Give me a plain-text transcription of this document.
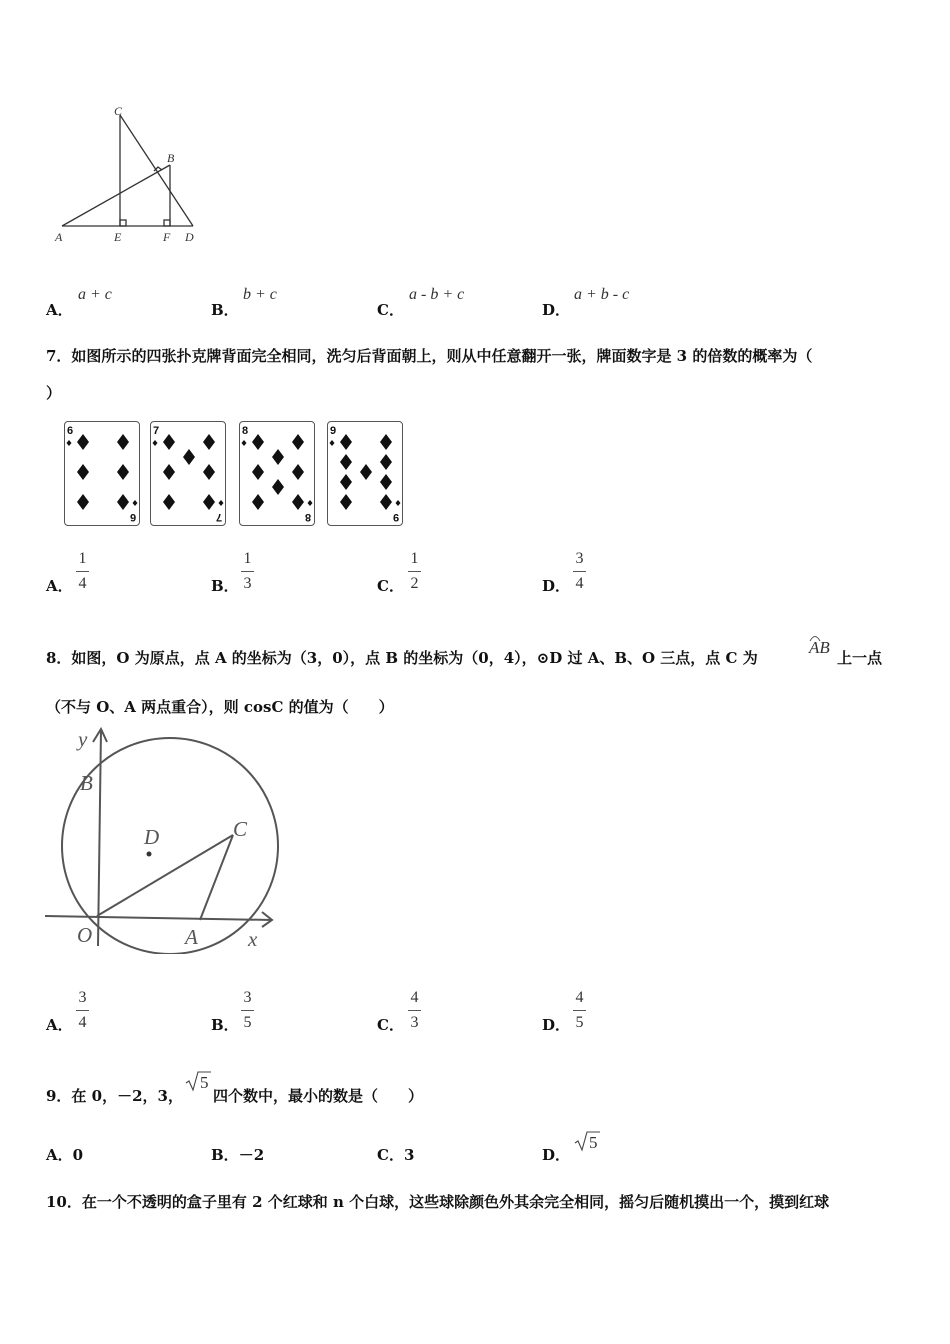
C
B
A	E	F D
A．
a + c
B．
b + c
C．
a - b + c
D．
a + b - c
7．如图所示的四张扑克牌背面完全相同，洗匀后背面朝上，则从中任意翻开一张，牌面数字是 3 的倍数的概率为（
）
6
6
7
7
8
8
9
9
A．
1
4	B．
1
3	C．
1
2	D．
3
4
8．如图，O 为原点，点 A 的坐标为（3，0），点 B 的坐标为（0，4），⊙D 过 A、B、O 三点，点 C 为
AB
上一点
（不与 O、A 两点重合），则 cosC 的值为（　　）
y
B
D	C
O	A x
A．
3
4	B．
3
5	C．
4
3	D．
4
5
9．在 0，－2，3，
5
四个数中，最小的数是（　　）
A．0	B．－2	C．3	D．
5
10．在一个不透明的盒子里有 2 个红球和 n 个白球，这些球除颜色外其余完全相同，摇匀后随机摸出一个，摸到红球
